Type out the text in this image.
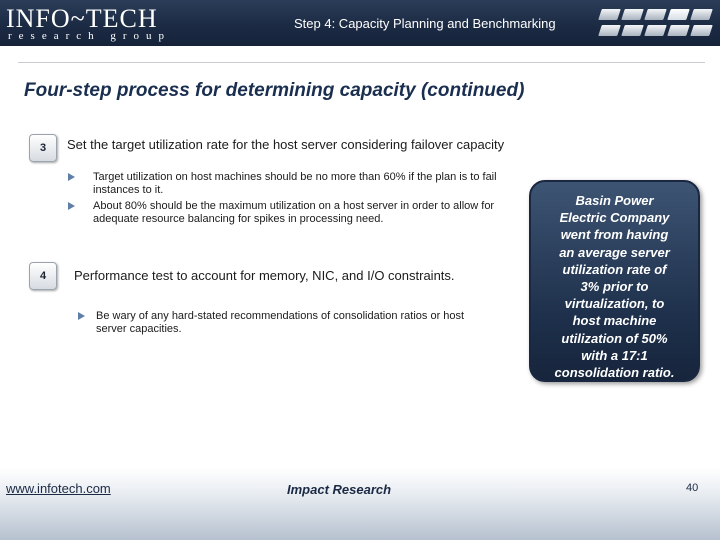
INFO~TECH
research group
Step 4: Capacity Planning and Benchmarking
Four-step process for determining capacity (continued)
3	Set the target utilization rate for the host server considering failover capacity
Target utilization on host machines should be no more than 60% if the plan is to fail
instances to it.
About 80% should be the maximum utilization on a host server in order to allow for
adequate resource balancing for spikes in processing need.
4	Performance test to account for memory, NIC, and I/O constraints.
Be wary of any hard-stated recommendations of consolidation ratios or host
server capacities.
Basin Power
Electric Company
went from having
an average server
utilization rate of
3% prior to
virtualization, to
host machine
utilization of 50%
with a 17:1
consolidation ratio.
www.infotech.com	Impact Research	40
